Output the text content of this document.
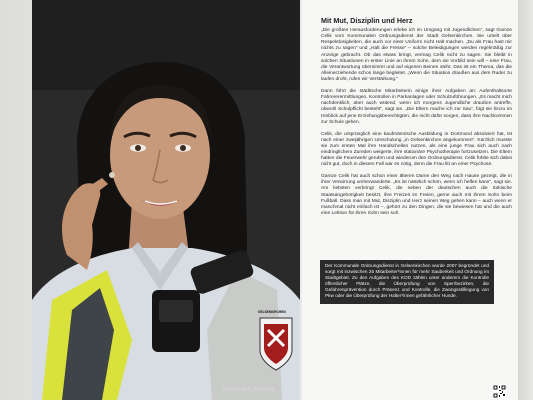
GELSENKIRCHEN
Reinhard Krause
Mit Mut, Disziplin und Herz

„Die größten Herausforderungen erlebe ich im Umgang mit Jugendlichen", sagt Gamze Celik vom Kommunalen Ordnungsdienst der Stadt Gelsenkirchen. Sie urteilt über Respektlosigkeiten, die auch vor einer Uniform nicht Halt machen. „Du als Frau hast mir nichts zu sagen" und „Halt die Fresse" – solche Beleidigungen werden regelmäßig zur Anzeige gebracht. Ob das etwas bringt, vermag Celik nicht zu sagen. Sie bleibt in solchen Situationen in erster Linie an ihrem Sohn, dem sie Vorbild sein will – eine Frau, die Verantwortung übernimmt und auf eigenen Beinen steht. Das ist ein Thema, das die Alleinerziehende schon lange begleitet. „Wenn die Situation draußen aus dem Ruder zu laufen droht, rufen wir Verstärkung."

Dann führt die städtische Mitarbeiterin einige ihrer Aufgaben an: Aufenthaltsorte Fahrererermittlungen, Kontrollen in Parkanlagen oder Schulzuführungen. „Es macht mich nachdenklich, aber auch wütend, wenn ich morgens Jugendliche draußen antreffe, obwohl Schulpflicht besteht", sagt sie. „Die Eltern mache ich zur Sau", fügt sie hinzu im Hinblick auf jene Erziehungsberechtigten, die nicht dafür sorgen, dass ihre Nachkommen zur Schule gehen.

Celik, die ursprünglich eine kaufmännische Ausbildung in Dortmund absolviert hat, ist nach einer zweijährigen Umschulung „in Gelsenkirchen angekommen". Kürzlich musste sie zum ersten Mal ihre Handschellen nutzen, als eine junge Frau sich auch nach eindringlichem Zureden weigerte, ihre stationäre Psychotherapie fortzusetzen. Die Eltern hatten die Feuerwehr gerufen und wiederum den Ordnungsdienst. Celik fühlte sich dabei nicht gut, doch in diesem Fall war es nötig, denn die Frau litt an einer Psychose.

Gamze Celik hat auch schon einer älteren Dame den Weg nach Hause gezeigt, die in ihrer Verwirrung umherwanderte. „Es ist natürlich schön, wenn ich helfen kann", sagt sie. Am liebsten verbringt Celik, die neben der deutschen auch die türkische Staatsangehörigkeit besitzt, ihre Freizeit im Freien, gerne auch mit ihrem Sohn beim Fußball. Dass man mit Mut, Disziplin und Herz seinen Weg gehen kann – auch wenn er manchmal nicht einfach ist –, gehört zu den Dingen, die sie bewiesen hat und die auch eine Lektion für ihren Sohn sein soll.

Der Kommunale Ordnungsdienst in Gelsenkirchen wurde 2007 begründet und sorgt mit inzwischen 25 Mitarbeiter*innen für mehr Sauberkeit und Ordnung im Stadtgebiet. Zu den Aufgaben des KOD zählen unter anderem die Kontrolle öffentlicher Plätze, die Überprüfung von Sperrbezirken, die Gefahrenprävention durch Präsenz und Kontrolle, die Zwangsstilllegung von Pkw oder die Überprüfung der Halter*innen gefährlicher Hunde.
